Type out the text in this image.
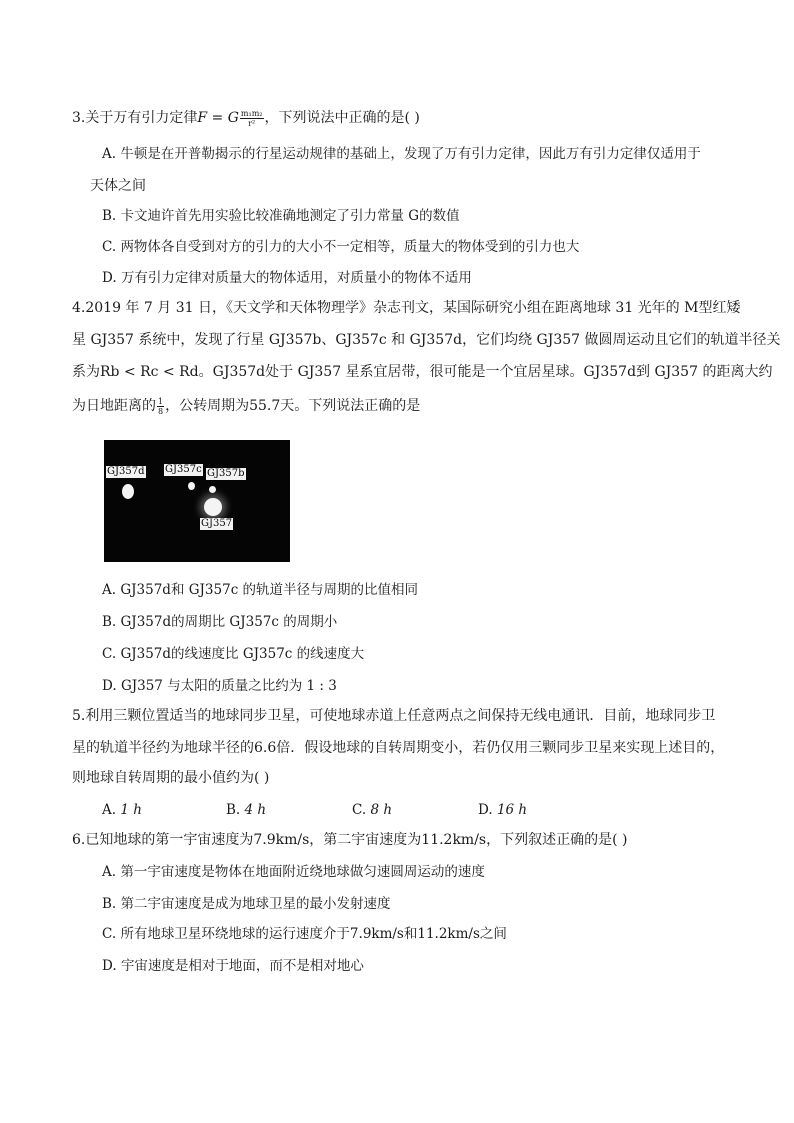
3.关于万有引力定律F = G $\frac{\text{m₁m₂}}{\text{r²}}$ ，下列说法中正确的是( )
A. 牛顿是在开普勒揭示的行星运动规律的基础上，发现了万有引力定律，因此万有引力定律仅适用于
天体之间
B. 卡文迪许首先用实验比较准确地测定了引力常量 G的数值
C. 两物体各自受到对方的引力的大小不一定相等，质量大的物体受到的引力也大
D. 万有引力定律对质量大的物体适用，对质量小的物体不适用
4.2019 年 7 月 31 日，《天文学和天体物理学》杂志刊文，某国际研究小组在距离地球 31 光年的 M型红矮
星 GJ357 系统中，发现了行星 GJ357b、GJ357c 和 GJ357d，它们均绕 GJ357 做圆周运动且它们的轨道半径关
系为Rb < Rc < Rd。GJ357d处于 GJ357 星系宜居带，很可能是一个宜居星球。GJ357d到 GJ357 的距离大约
为日地距离的 $\frac{1}{8}$ ，公转周期为55.7天。下列说法正确的是
GJ357d GJ357c GJ357b
GJ357
A. GJ357d和 GJ357c 的轨道半径与周期的比值相同
B. GJ357d的周期比 GJ357c 的周期小
C. GJ357d的线速度比 GJ357c 的线速度大
D. GJ357 与太阳的质量之比约为 1 : 3
5.利用三颗位置适当的地球同步卫星，可使地球赤道上任意两点之间保持无线电通讯．目前，地球同步卫
星的轨道半径约为地球半径的6.6倍．假设地球的自转周期变小，若仍仅用三颗同步卫星来实现上述目的，
则地球自转周期的最小值约为( )
A. 1 h	B. 4 h	C. 8 h	D. 16 h
6.已知地球的第一宇宙速度为7.9km/s，第二宇宙速度为11.2km/s，下列叙述正确的是( )
A. 第一宇宙速度是物体在地面附近绕地球做匀速圆周运动的速度
B. 第二宇宙速度是成为地球卫星的最小发射速度
C. 所有地球卫星环绕地球的运行速度介于7.9km/s和11.2km/s之间
D. 宇宙速度是相对于地面，而不是相对地心
